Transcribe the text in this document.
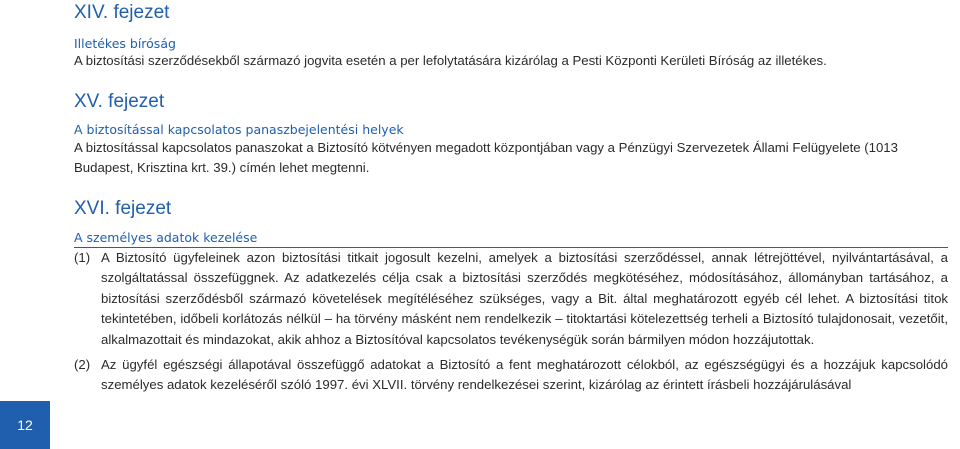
XIV. fejezet
Illetékes bíróság

A biztosítási szerződésekből származó jogvita esetén a per lefolytatására kizárólag a Pesti Központi Kerületi Bíróság az illetékes.

XV. fejezet
A biztosítással kapcsolatos panaszbejelentési helyek

A biztosítással kapcsolatos panaszokat a Biztosító kötvényen megadott központjában vagy a Pénzügyi Szervezetek Állami Felügyelete (1013 Budapest, Krisztina krt. 39.) címén lehet megtenni.

XVI. fejezet
A személyes adatok kezelése
(1) A Biztosító ügyfeleinek azon biztosítási titkait jogosult kezelni, amelyek a biztosítási szerződéssel, annak létrejöttével, nyilvántartásával, a szolgáltatással összefüggnek. Az adatkezelés célja csak a biztosítási szerződés megkötéséhez, módosításához, állományban tartásához, a biztosítási szerződésből származó követelések megítéléséhez szükséges, vagy a Bit. által meghatározott egyéb cél lehet. A biztosítási titok tekintetében, időbeli korlátozás nélkül – ha törvény másként nem rendelkezik – titoktartási kötelezettség terheli a Biztosító tulajdonosait, vezetőit, alkalmazottait és mindazokat, akik ahhoz a Biztosítóval kapcsolatos tevékenységük során bármilyen módon hozzájutottak.
(2) Az ügyfél egészségi állapotával összefüggő adatokat a Biztosító a fent meghatározott célokból, az egészségügyi és a hozzájuk kapcsolódó személyes adatok kezeléséről szóló 1997. évi XLVII. törvény rendelkezései szerint, kizárólag az érintett írásbeli hozzájárulásával
12
